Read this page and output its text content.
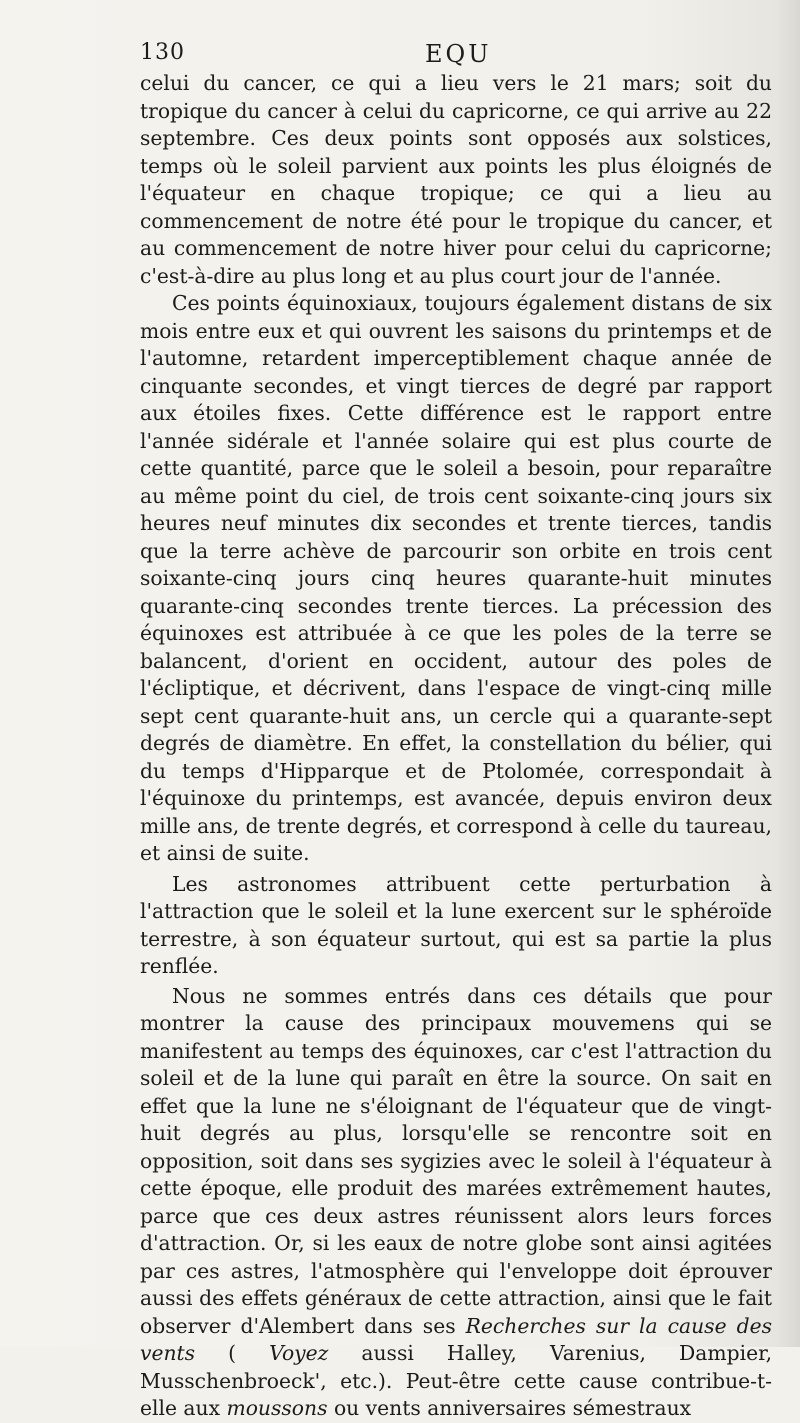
130	EQU

celui du cancer, ce qui a lieu vers le 21 mars; soit du tropique du cancer à celui du capricorne, ce qui arrive au 22 septembre. Ces deux points sont opposés aux solstices, temps où le soleil parvient aux points les plus éloignés de l'équateur en chaque tropique; ce qui a lieu au commencement de notre été pour le tropique du cancer, et au commencement de notre hiver pour celui du capricorne; c'est-à-dire au plus long et au plus court jour de l'année.

Ces points équinoxiaux, toujours également distans de six mois entre eux et qui ouvrent les saisons du printemps et de l'automne, retardent imperceptiblement chaque année de cinquante secondes, et vingt tierces de degré par rapport aux étoiles fixes. Cette différence est le rapport entre l'année sidérale et l'année solaire qui est plus courte de cette quantité, parce que le soleil a besoin, pour reparaître au même point du ciel, de trois cent soixante-cinq jours six heures neuf minutes dix secondes et trente tierces, tandis que la terre achève de parcourir son orbite en trois cent soixante-cinq jours cinq heures quarante-huit minutes quarante-cinq secondes trente tierces. La précession des équinoxes est attribuée à ce que les poles de la terre se balancent, d'orient en occident, autour des poles de l'écliptique, et décrivent, dans l'espace de vingt-cinq mille sept cent quarante-huit ans, un cercle qui a quarante-sept degrés de diamètre. En effet, la constellation du bélier, qui du temps d'Hipparque et de Ptolomée, correspondait à l'équinoxe du printemps, est avancée, depuis environ deux mille ans, de trente degrés, et correspond à celle du taureau, et ainsi de suite.

Les astronomes attribuent cette perturbation à l'attraction que le soleil et la lune exercent sur le sphéroïde terrestre, à son équateur surtout, qui est sa partie la plus renflée.

Nous ne sommes entrés dans ces détails que pour montrer la cause des principaux mouvemens qui se manifestent au temps des équinoxes, car c'est l'attraction du soleil et de la lune qui paraît en être la source. On sait en effet que la lune ne s'éloignant de l'équateur que de vingt-huit degrés au plus, lorsqu'elle se rencontre soit en opposition, soit dans ses sygizies avec le soleil à l'équateur à cette époque, elle produit des marées extrêmement hautes, parce que ces deux astres réunissent alors leurs forces d'attraction. Or, si les eaux de notre globe sont ainsi agitées par ces astres, l'atmosphère qui l'enveloppe doit éprouver aussi des effets généraux de cette attraction, ainsi que le fait observer d'Alembert dans ses Recherches sur la cause des vents ( Voyez aussi Halley, Varenius, Dampier, Musschenbroeck', etc.). Peut-être cette cause contribue-t-elle aux moussons ou vents anniversaires sémestraux
